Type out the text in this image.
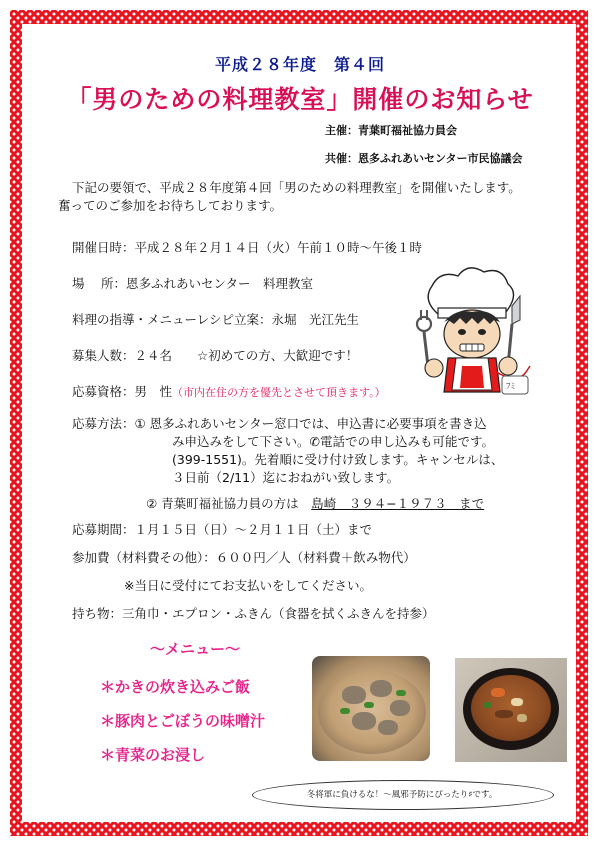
平成２８年度　第４回
「男のための料理教室」開催のお知らせ
主催：青葉町福祉協力員会
共催：恩多ふれあいセンター市民協議会
下記の要領で、平成２８年度第４回「男のための料理教室」を開催いたします。
奮ってのご参加をお待ちしております。
開催日時：平成２８年２月１４日（火）午前１０時〜午後１時
場　 所：恩多ふれあいセンター　料理教室
料理の指導・メニューレシピ立案：永堀　光江先生
募集人数：２４名　　☆初めての方、大歓迎です！
応募資格：男　性（市内在住の方を優先とさせて頂きます。）
応募方法：① 恩多ふれあいセンター窓口では、申込書に必要事項を書き込
み申込みをして下さい。✆電話での申し込みも可能です。
(399-1551)。先着順に受け付け致します。キャンセルは、
３日前（2/11）迄におねがい致します。
② 青葉町福祉協力員の方は　島崎　３９４−１９７３　まで
応募期間：１月１５日（日）〜２月１１日（土）まで
参加費（材料費その他）：６００円／人（材料費＋飲み物代）
※当日に受付にてお支払いをしてください。
持ち物：三角巾・エプロン・ふきん（食器を拭くふきんを持参）
〜メニュー〜
＊かきの炊き込みご飯
＊豚肉とごぼうの味噌汁
＊青菜のお浸し
冬将軍に負けるな！〜風邪予防にぴったり♯です。
ﾌﾐ
